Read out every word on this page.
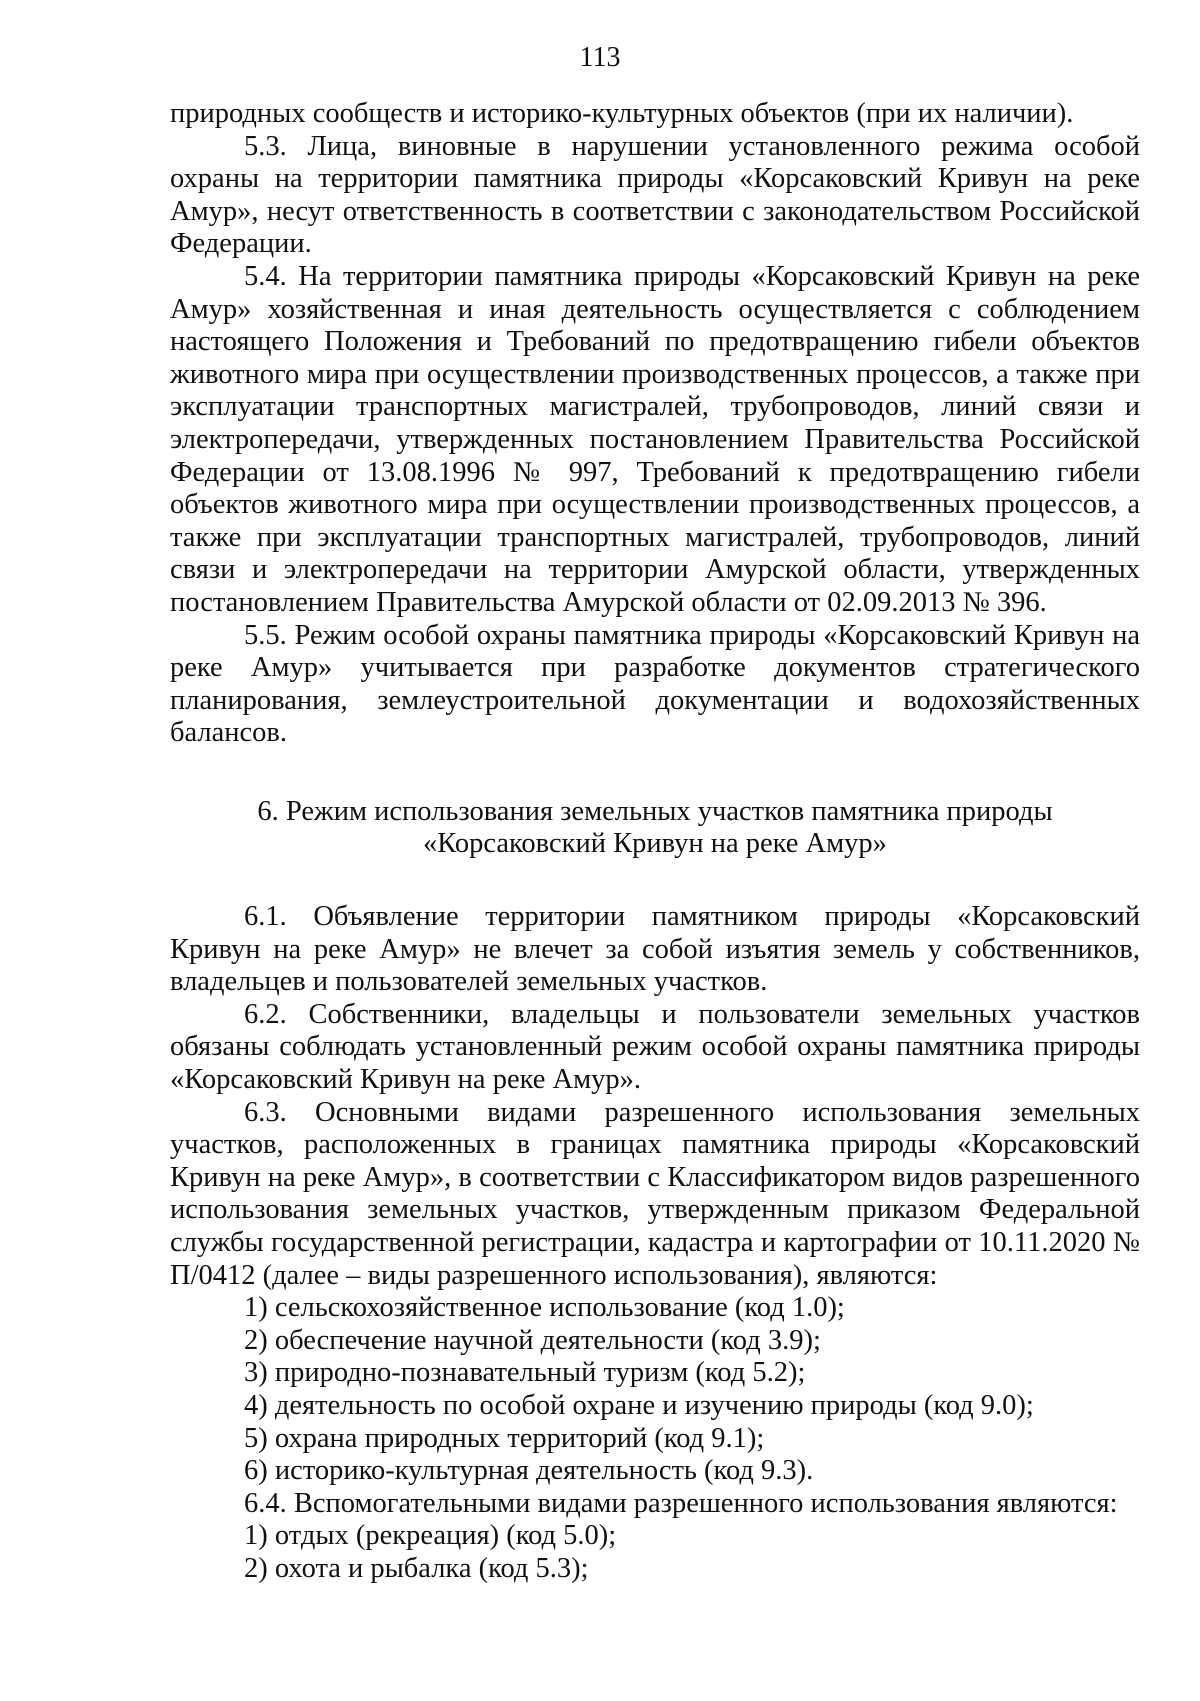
113

природных сообществ и историко-культурных объектов (при их наличии).

5.3. Лица, виновные в нарушении установленного режима особой охраны на территории памятника природы «Корсаковский Кривун на реке Амур», несут ответственность в соответствии с законодательством Российской Федерации.

5.4. На территории памятника природы «Корсаковский Кривун на реке Амур» хозяйственная и иная деятельность осуществляется с соблюдением настоящего Положения и Требований по предотвращению гибели объектов животного мира при осуществлении производственных процессов, а также при эксплуатации транспортных магистралей, трубопроводов, линий связи и электропередачи, утвержденных постановлением Правительства Российской Федерации от 13.08.1996 № 997, Требований к предотвращению гибели объектов животного мира при осуществлении производственных процессов, а также при эксплуатации транспортных магистралей, трубопроводов, линий связи и электропередачи на территории Амурской области, утвержденных постановлением Правительства Амурской области от 02.09.2013 № 396.

5.5. Режим особой охраны памятника природы «Корсаковский Кривун на реке Амур» учитывается при разработке документов стратегического планирования, землеустроительной документации и водохозяйственных балансов.

6. Режим использования земельных участков памятника природы
«Корсаковский Кривун на реке Амур»

6.1. Объявление территории памятником природы «Корсаковский Кривун на реке Амур» не влечет за собой изъятия земель у собственников, владельцев и пользователей земельных участков.

6.2. Собственники, владельцы и пользователи земельных участков обязаны соблюдать установленный режим особой охраны памятника природы «Корсаковский Кривун на реке Амур».

6.3. Основными видами разрешенного использования земельных участков, расположенных в границах памятника природы «Корсаковский Кривун на реке Амур», в соответствии с Классификатором видов разрешенного использования земельных участков, утвержденным приказом Федеральной службы государственной регистрации, кадастра и картографии от 10.11.2020 № П/0412 (далее – виды разрешенного использования), являются:

1) сельскохозяйственное использование (код 1.0);

2) обеспечение научной деятельности (код 3.9);

3) природно-познавательный туризм (код 5.2);

4) деятельность по особой охране и изучению природы (код 9.0);

5) охрана природных территорий (код 9.1);

6) историко-культурная деятельность (код 9.3).

6.4. Вспомогательными видами разрешенного использования являются:

1) отдых (рекреация) (код 5.0);

2) охота и рыбалка (код 5.3);
